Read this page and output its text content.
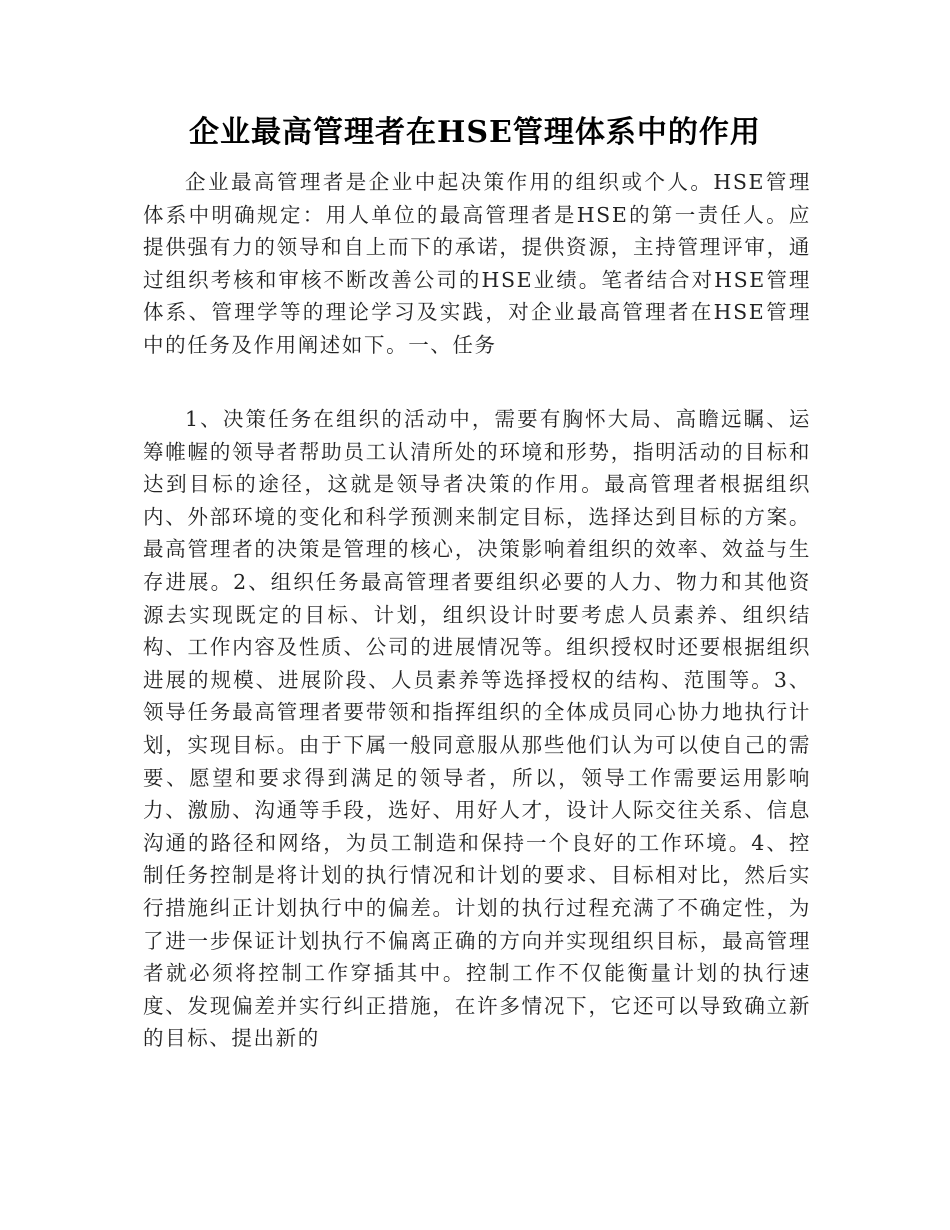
企业最高管理者在HSE管理体系中的作用

企业最高管理者是企业中起决策作用的组织或个人。HSE管理体系中明确规定：用人单位的最高管理者是HSE的第一责任人。应提供强有力的领导和自上而下的承诺，提供资源，主持管理评审，通过组织考核和审核不断改善公司的HSE业绩。笔者结合对HSE管理体系、管理学等的理论学习及实践，对企业最高管理者在HSE管理中的任务及作用阐述如下。一、任务

1、决策任务在组织的活动中，需要有胸怀大局、高瞻远瞩、运筹帷幄的领导者帮助员工认清所处的环境和形势，指明活动的目标和达到目标的途径，这就是领导者决策的作用。最高管理者根据组织内、外部环境的变化和科学预测来制定目标，选择达到目标的方案。最高管理者的决策是管理的核心，决策影响着组织的效率、效益与生存进展。2、组织任务最高管理者要组织必要的人力、物力和其他资源去实现既定的目标、计划，组织设计时要考虑人员素养、组织结构、工作内容及性质、公司的进展情况等。组织授权时还要根据组织进展的规模、进展阶段、人员素养等选择授权的结构、范围等。3、领导任务最高管理者要带领和指挥组织的全体成员同心协力地执行计划，实现目标。由于下属一般同意服从那些他们认为可以使自己的需要、愿望和要求得到满足的领导者，所以，领导工作需要运用影响力、激励、沟通等手段，选好、用好人才，设计人际交往关系、信息沟通的路径和网络，为员工制造和保持一个良好的工作环境。4、控制任务控制是将计划的执行情况和计划的要求、目标相对比，然后实行措施纠正计划执行中的偏差。计划的执行过程充满了不确定性，为了进一步保证计划执行不偏离正确的方向并实现组织目标，最高管理者就必须将控制工作穿插其中。控制工作不仅能衡量计划的执行速度、发现偏差并实行纠正措施，在许多情况下，它还可以导致确立新的目标、提出新的
